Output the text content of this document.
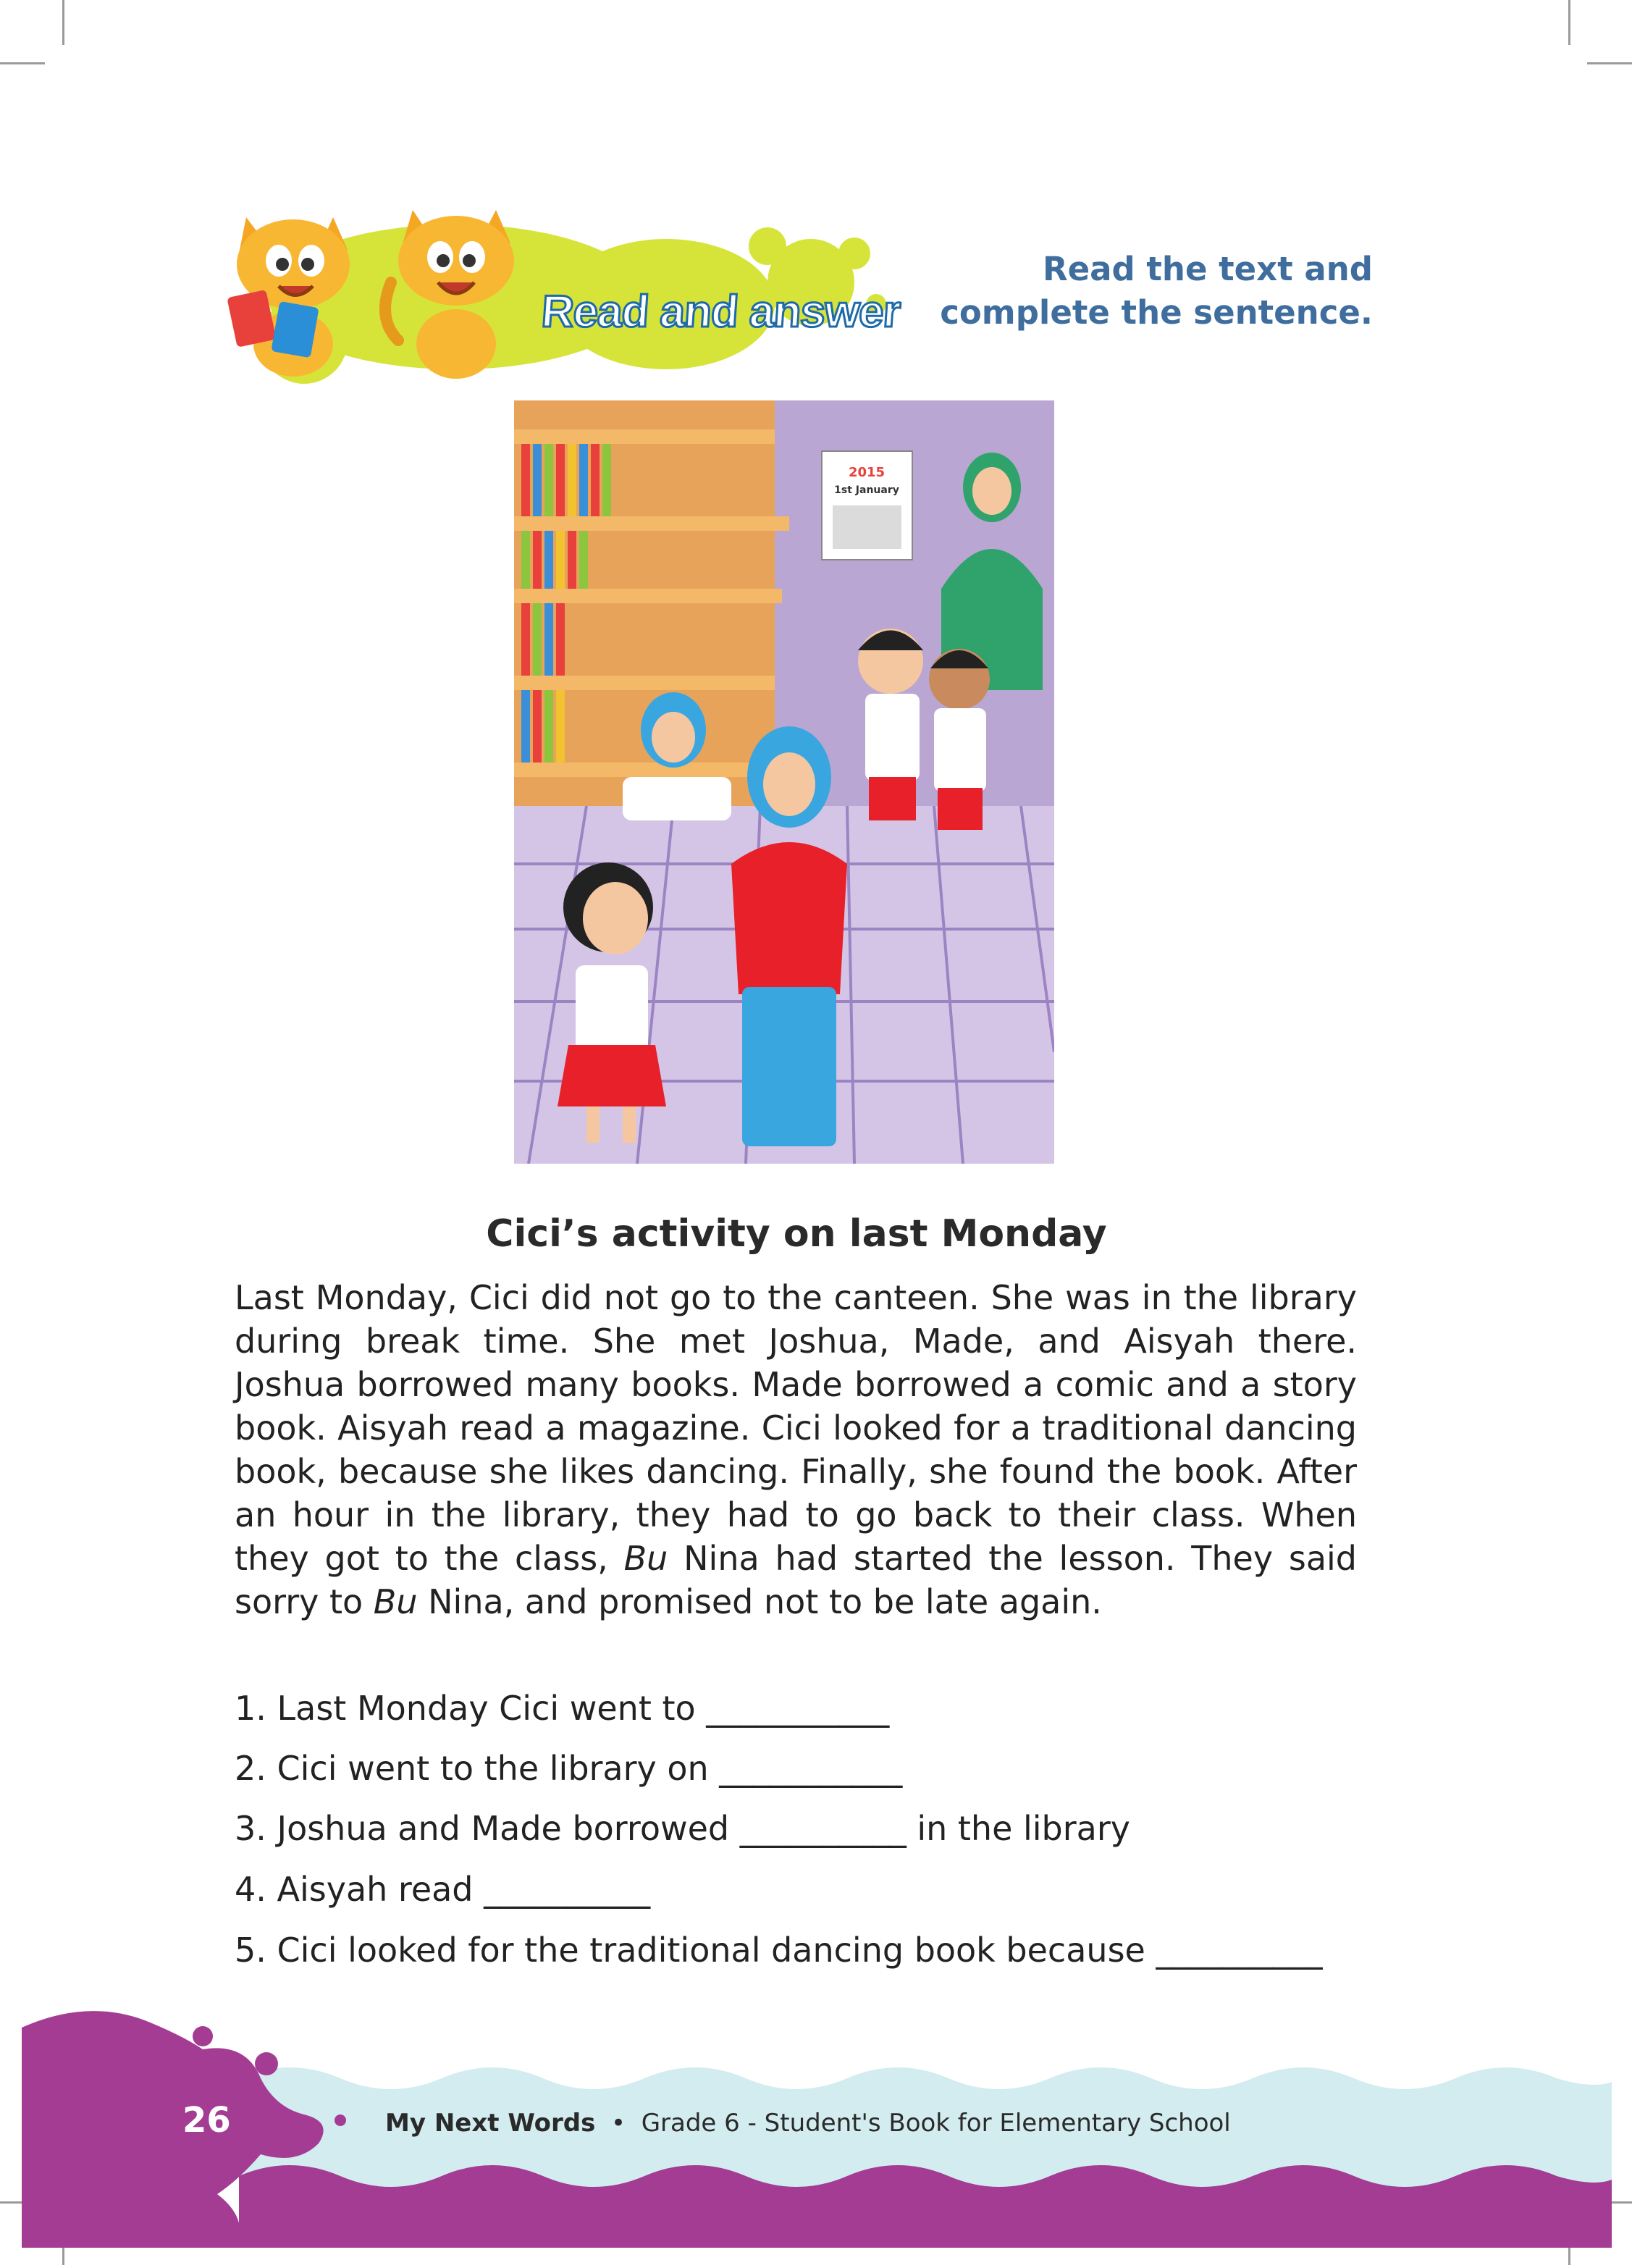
Read and answer
Read the text and
complete the sentence.
2015
1st January
Cici’s activity on last Monday
Last Monday, Cici did not go to the canteen. She was in the library during break time. She met Joshua, Made, and Aisyah there. Joshua borrowed many books. Made borrowed a comic and a story book. Aisyah read a magazine. Cici looked for a traditional dancing book, because she likes dancing. Finally, she found the book. After an hour in the library, they had to go back to their class. When they got to the class, Bu Nina had started the lesson. They said sorry to Bu Nina, and promised not to be late again.
1. Last Monday Cici went to ___________
2. Cici went to the library on ___________
3. Joshua and Made borrowed __________ in the library
4. Aisyah read __________
5. Cici looked for the traditional dancing book because __________
26	My Next Words • Grade 6 - Student's Book for Elementary School
